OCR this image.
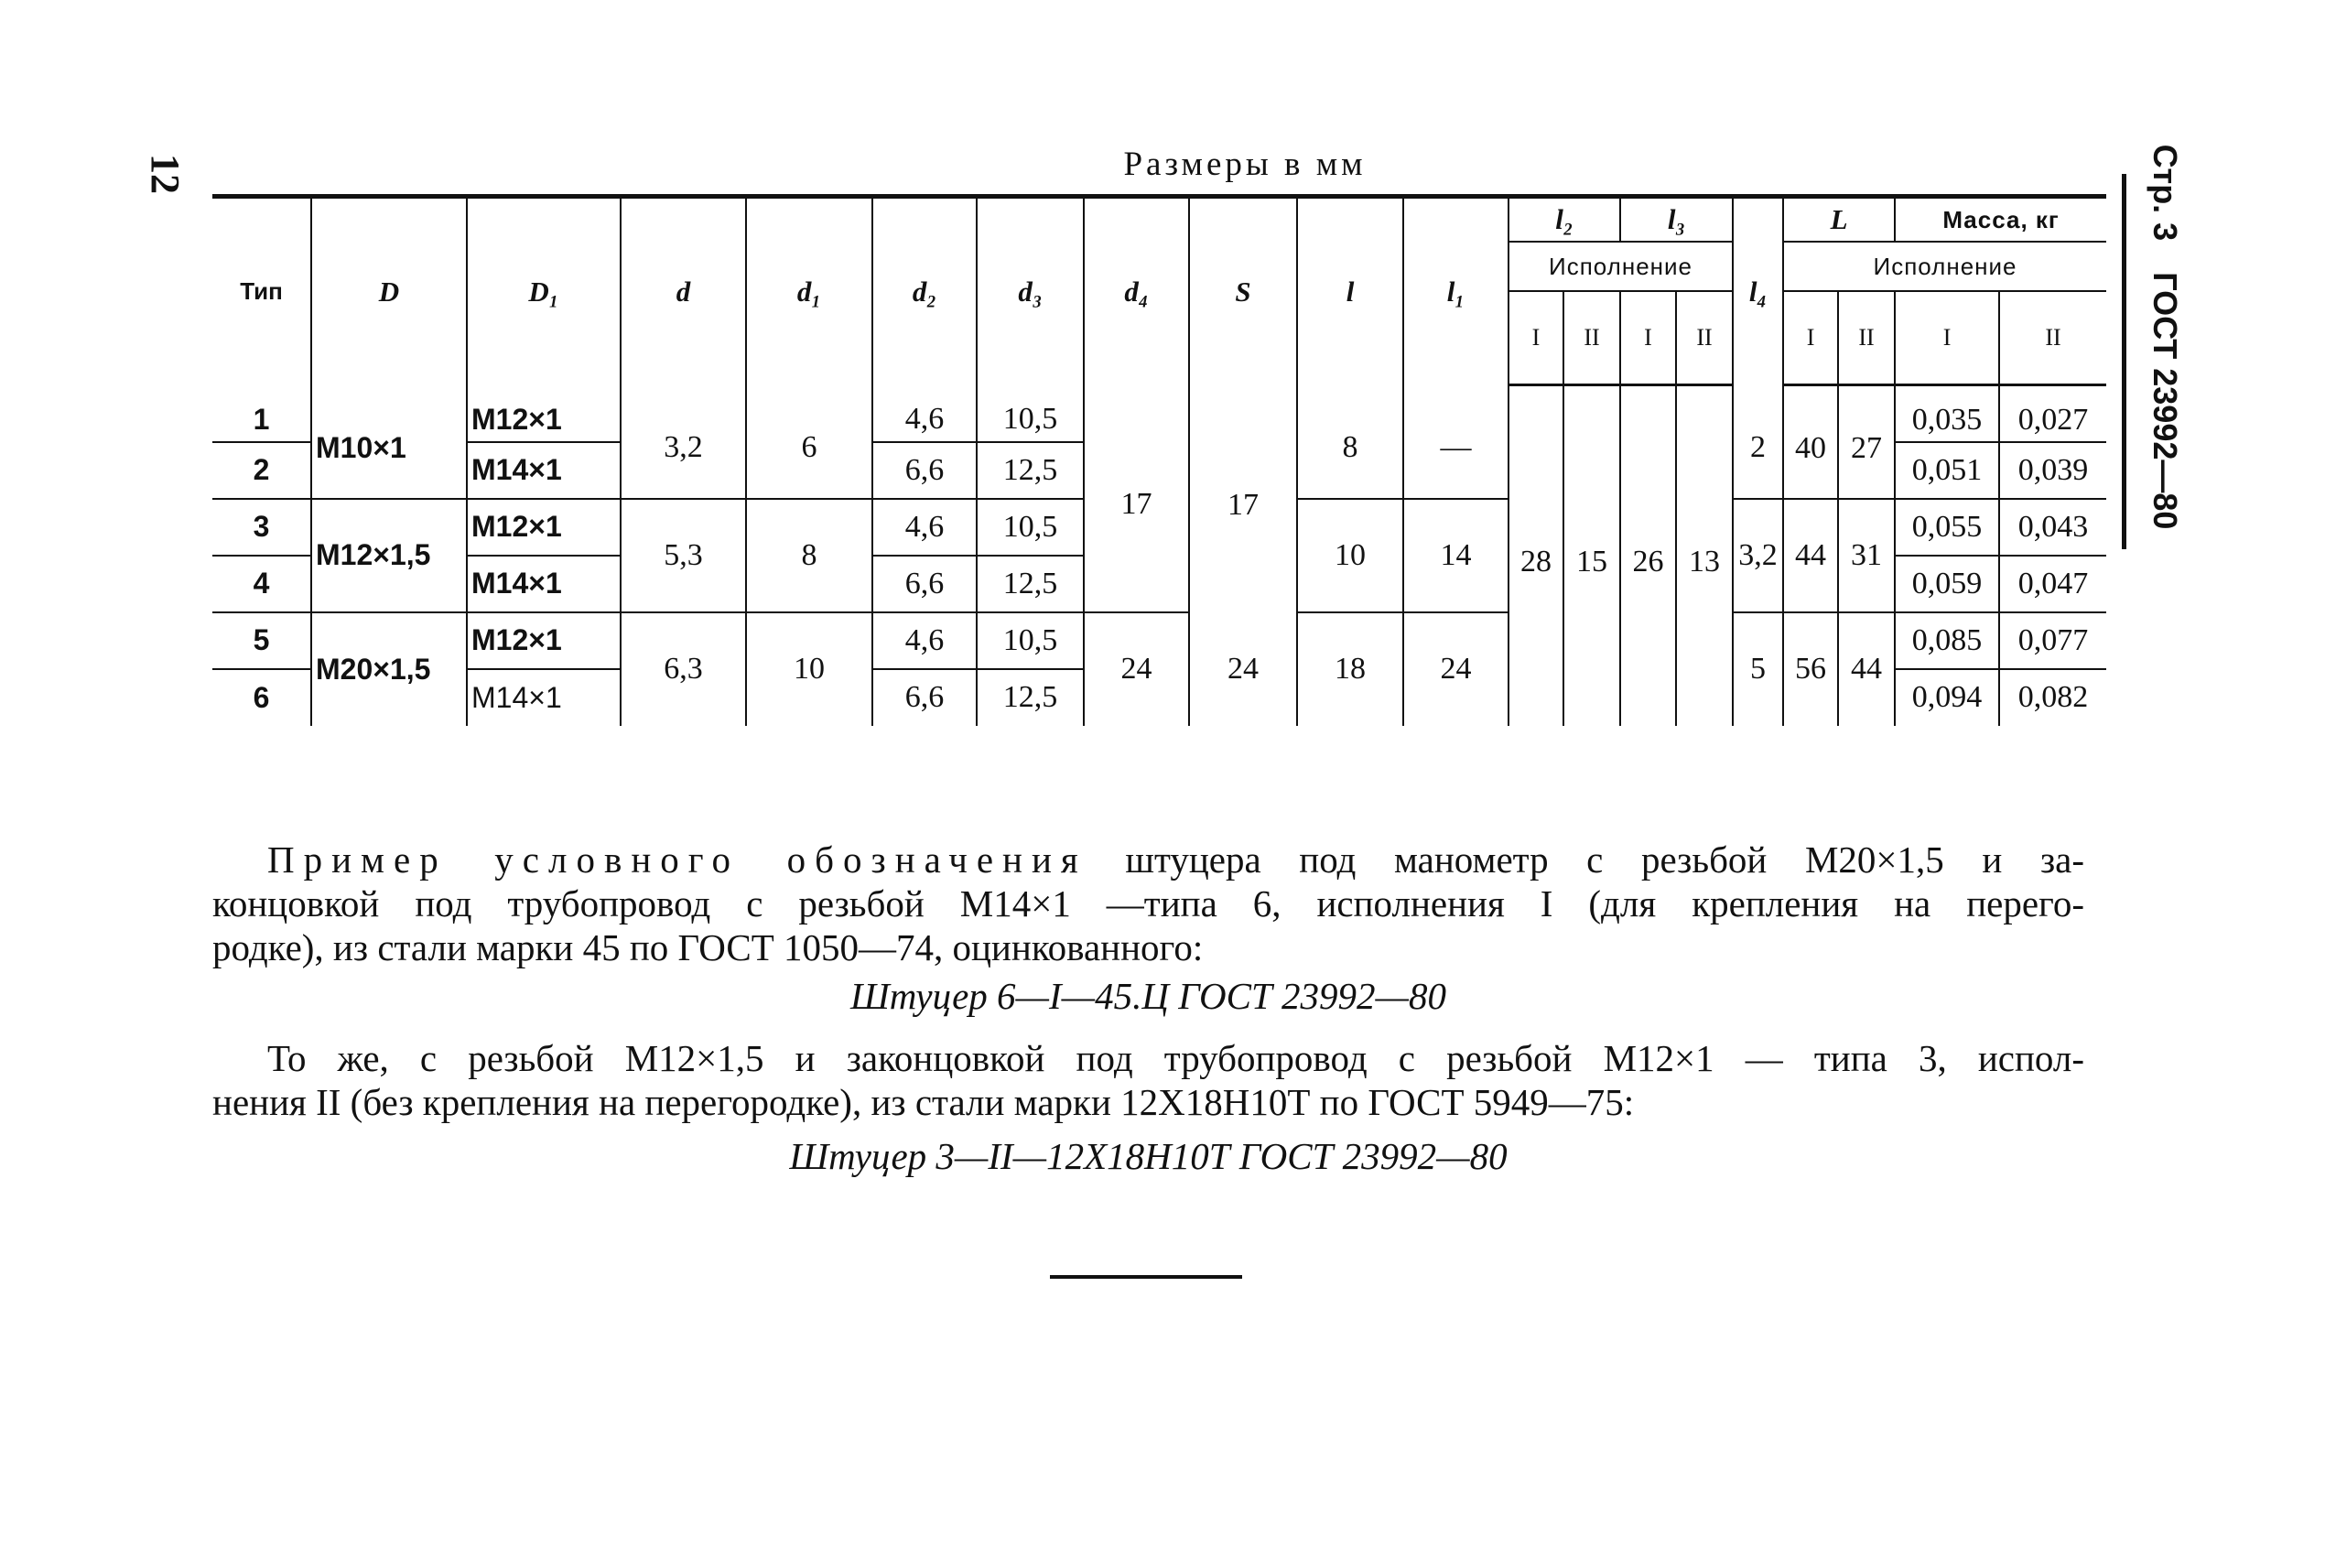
12	Стр. 3 ГОСТ 23992—80
Размеры в мм
Тип	D	D₁	d	d₁	d₂	d₃	d₄	S	l	l₁	l₂		l₃		l₄	L		Масса, кг	
											Исполнение					Исполнение			
											I	II	I	II		I	II	I	II
1	M10×1	M12×1	3,2	6	4,6	10,5	17	17	8	—	28	15	26	13	2	40	27	0,035	0,027
2		M14×1			6,6	12,5												0,051	0,039
3	M12×1,5	M12×1	5,3	8	4,6	10,5			10	14					3,2	44	31	0,055	0,043
4		M14×1			6,6	12,5												0,059	0,047
5	M20×1,5	M12×1	6,3	10	4,6	10,5	24	24	18	24					5	56	44	0,085	0,077
6		M14×1			6,6	12,5												0,094	0,082
Пример условного обозначения штуцера под манометр с резьбой M20×1,5 и за-
концовкой под трубопровод с резьбой M14×1 —типа 6, исполнения I (для крепления на перего-
родке), из стали марки 45 по ГОСТ 1050—74, оцинкованного:
Штуцер 6—I—45.Ц ГОСТ 23992—80
То же, с резьбой M12×1,5 и законцовкой под трубопровод с резьбой M12×1 — типа 3, испол-
нения II (без крепления на перегородке), из стали марки 12Х18Н10Т по ГОСТ 5949—75:
Штуцер 3—II—12Х18Н10Т ГОСТ 23992—80
